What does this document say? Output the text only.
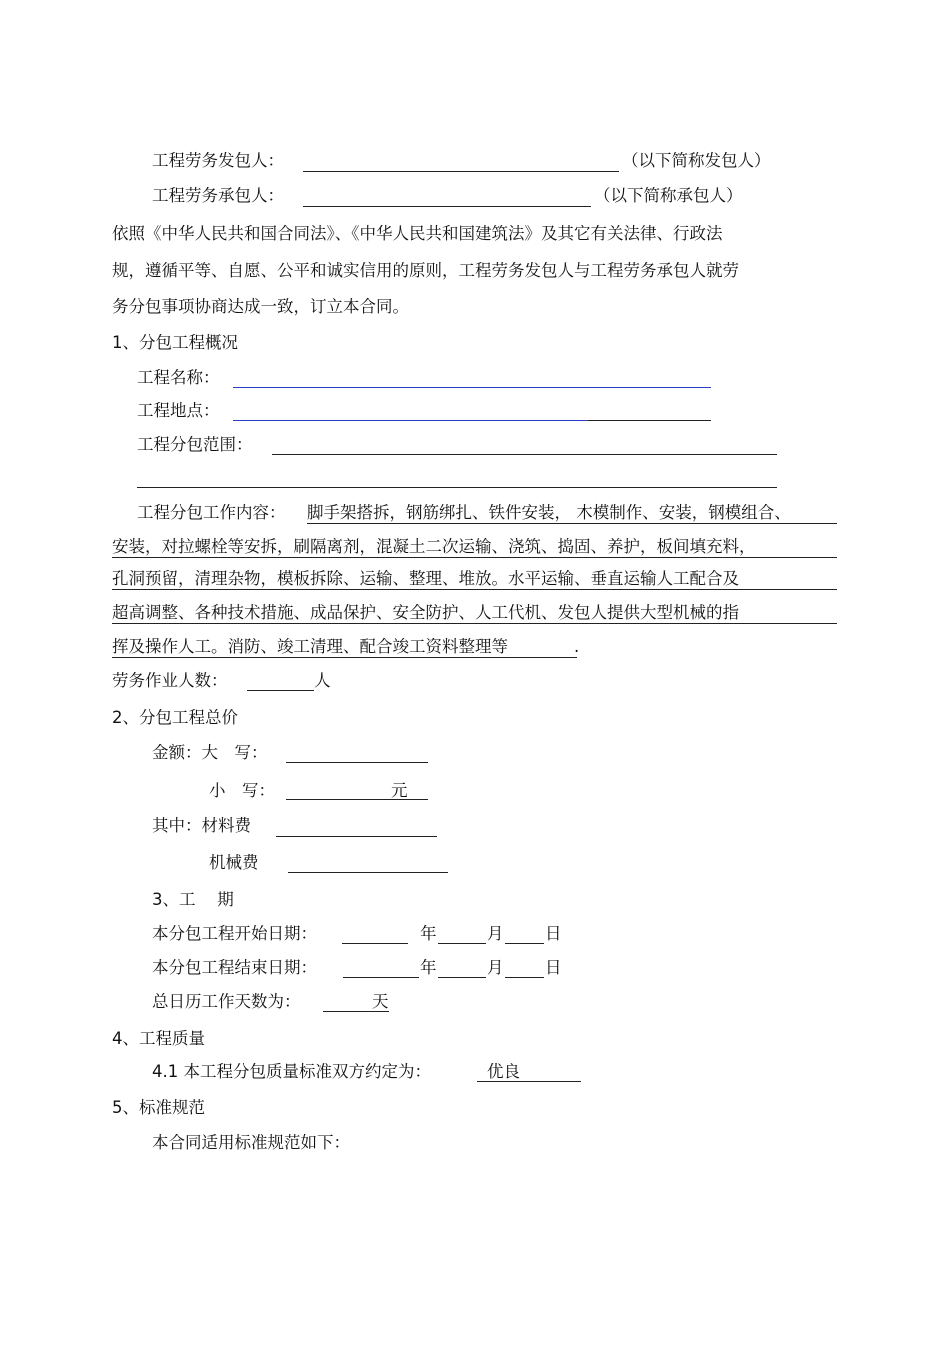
工程劳务发包人：	（以下简称发包人）
工程劳务承包人：	（以下简称承包人）
依照《中华人民共和国合同法》、《中华人民共和国建筑法》及其它有关法律、行政法
规，遵循平等、自愿、公平和诚实信用的原则，工程劳务发包人与工程劳务承包人就劳
务分包事项协商达成一致，订立本合同。
1、分包工程概况
工程名称：
工程地点：
工程分包范围：
工程分包工作内容： 脚手架搭拆，钢筋绑扎、铁件安装， 木模制作、安装，钢模组合、
安装，对拉螺栓等安拆，刷隔离剂，混凝土二次运输、浇筑、捣固、养护，板间填充料，
孔洞预留，清理杂物，模板拆除、运输、整理、堆放。水平运输、垂直运输人工配合及
超高调整、各种技术措施、成品保护、安全防护、人工代机、发包人提供大型机械的指
挥及操作人工。消防、竣工清理、配合竣工资料整理等	.
劳务作业人数：	人
2、分包工程总价
金额：大　写：
小　写：	元
其中：材料费
机械费
3、工　 期
本分包工程开始日期：	年	月	日
本分包工程结束日期：	年	月	日
总日历工作天数为：	天
4、工程质量
4.1 本工程分包质量标准双方约定为：	优良
5、标准规范
本合同适用标准规范如下：
